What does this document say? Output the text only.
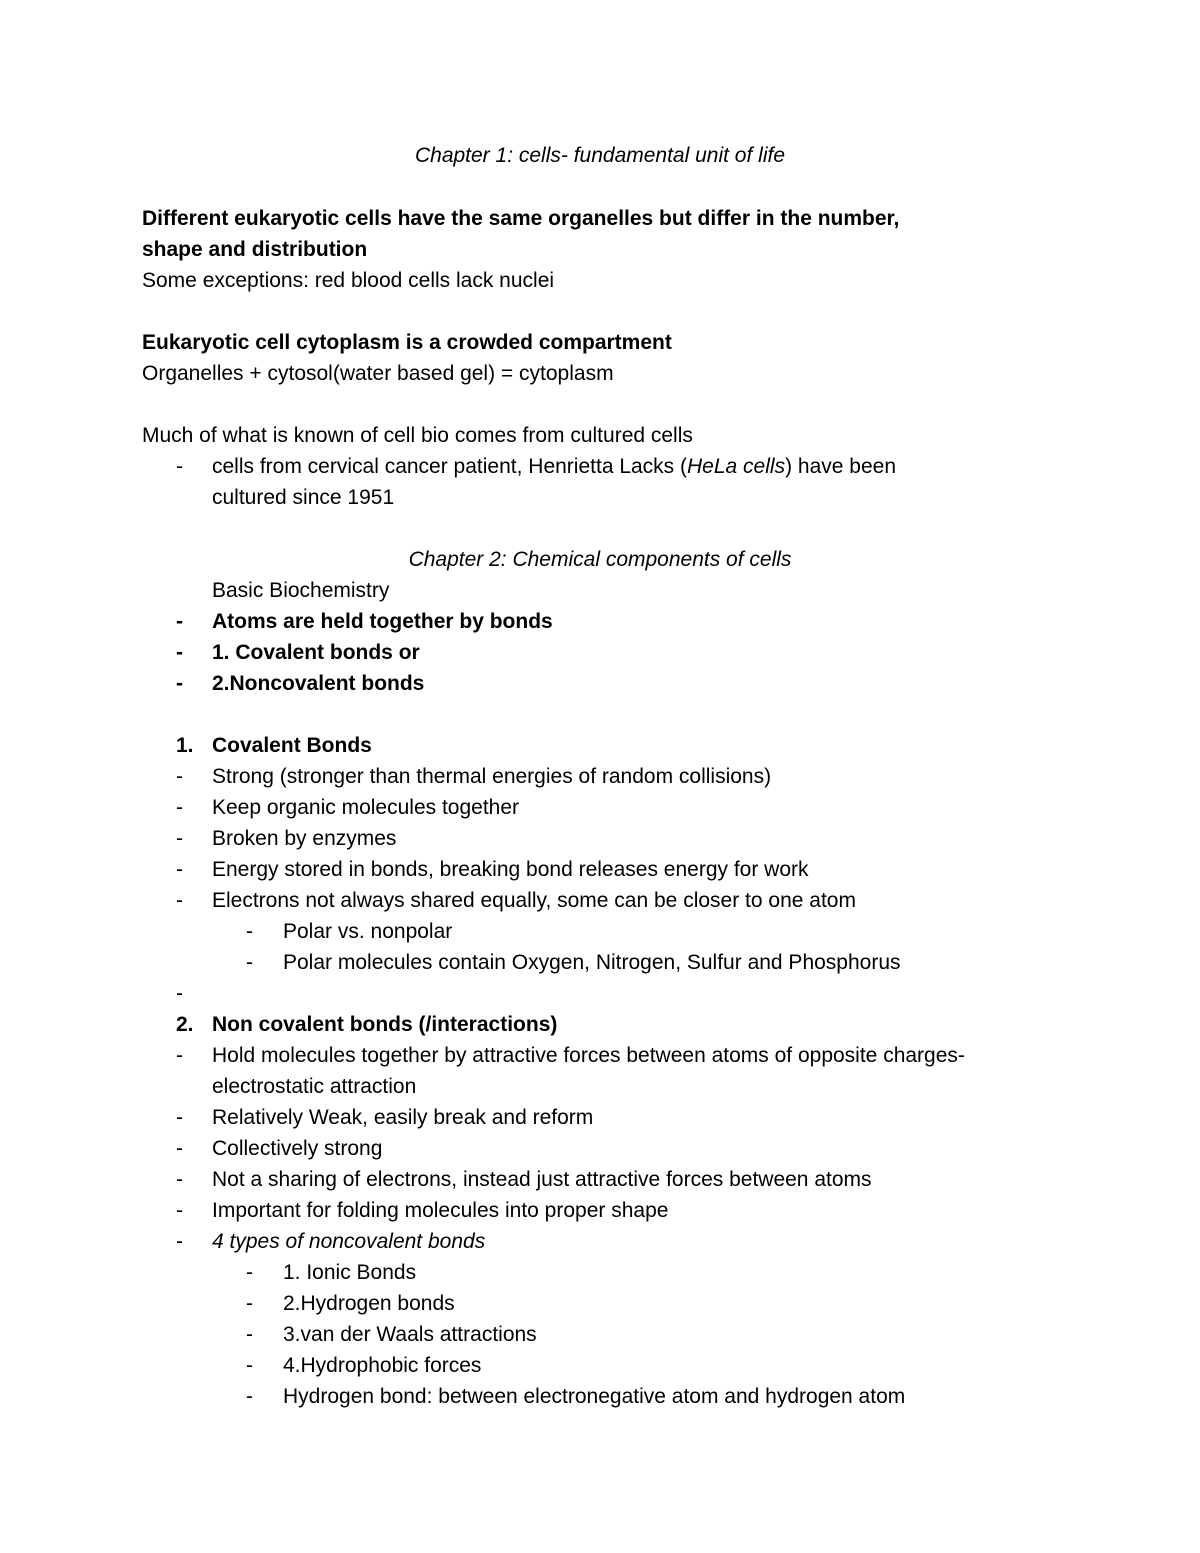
Chapter 1: cells- fundamental unit of life
Different eukaryotic cells have the same organelles but differ in the number,
shape and distribution
Some exceptions: red blood cells lack nuclei
Eukaryotic cell cytoplasm is a crowded compartment
Organelles + cytosol(water based gel) = cytoplasm
Much of what is known of cell bio comes from cultured cells
-	cells from cervical cancer patient, Henrietta Lacks (HeLa cells) have been
cultured since 1951
Chapter 2: Chemical components of cells
Basic Biochemistry
-	Atoms are held together by bonds
-	1. Covalent bonds or
-	2.Noncovalent bonds
1. Covalent Bonds
-	Strong (stronger than thermal energies of random collisions)
-	Keep organic molecules together
-	Broken by enzymes
-	Energy stored in bonds, breaking bond releases energy for work
-	Electrons not always shared equally, some can be closer to one atom
-	Polar vs. nonpolar
-	Polar molecules contain Oxygen, Nitrogen, Sulfur and Phosphorus
-
2. Non covalent bonds (/interactions)
-	Hold molecules together by attractive forces between atoms of opposite charges-
electrostatic attraction
-	Relatively Weak, easily break and reform
-	Collectively strong
-	Not a sharing of electrons, instead just attractive forces between atoms
-	Important for folding molecules into proper shape
-	4 types of noncovalent bonds
-	1. Ionic Bonds
-	2.Hydrogen bonds
-	3.van der Waals attractions
-	4.Hydrophobic forces
-	Hydrogen bond: between electronegative atom and hydrogen atom
